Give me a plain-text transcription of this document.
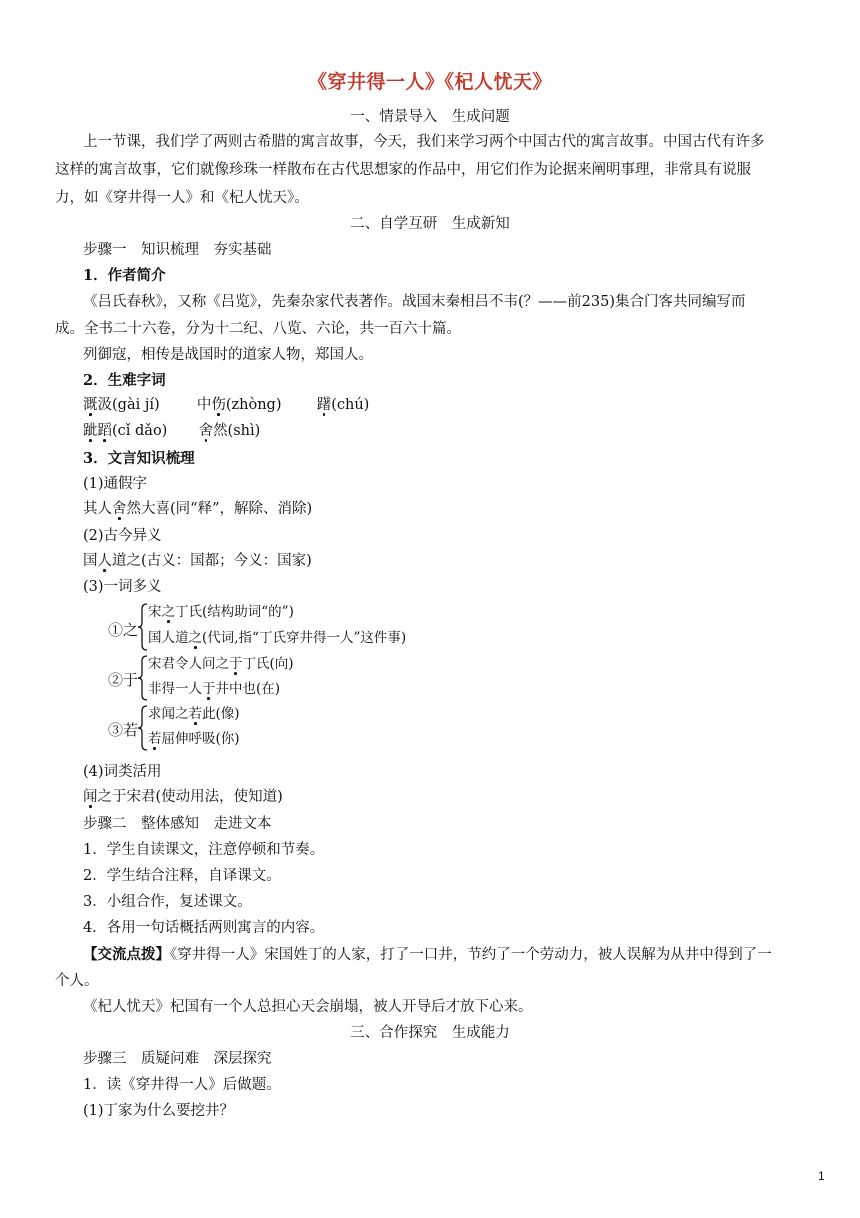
《穿井得一人》《杞人忧天》
一、情景导入　生成问题
上一节课，我们学了两则古希腊的寓言故事，今天，我们来学习两个中国古代的寓言故事。中国古代有许多
这样的寓言故事，它们就像珍珠一样散布在古代思想家的作品中，用它们作为论据来阐明事理，非常具有说服
力，如《穿井得一人》和《杞人忧天》。
二、自学互研　生成新知
步骤一　知识梳理　夯实基础
1．作者简介
《吕氏春秋》，又称《吕览》，先秦杂家代表著作。战国末秦相吕不韦(？——前235)集合门客共同编写而
成。全书二十六卷，分为十二纪、八览、六论，共一百六十篇。
列御寇，相传是战国时的道家人物，郑国人。
2．生难字词
溉汲(gài jí)	中伤(zhòng) 躇(chú)
跐蹈(cǐ dǎo) 舍然(shì)
3．文言知识梳理
(1)通假字
其人舍然大喜(同“释”，解除、消除)
(2)古今异义
国人道之(古义：国都；今义：国家)
(3)一词多义
①之
宋之丁氏(结构助词“的”)
国人道之(代词,指“丁氏穿井得一人”这件事)
②于
宋君令人问之于丁氏(向)
非得一人于井中也(在)
③若
求闻之若此(像)
若屈伸呼吸(你)
(4)词类活用
闻之于宋君(使动用法，使知道)
步骤二　整体感知　走进文本
1．学生自读课文，注意停顿和节奏。
2．学生结合注释，自译课文。
3．小组合作，复述课文。
4．各用一句话概括两则寓言的内容。
【交流点拨】《穿井得一人》宋国姓丁的人家，打了一口井，节约了一个劳动力，被人误解为从井中得到了一
个人。
《杞人忧天》杞国有一个人总担心天会崩塌，被人开导后才放下心来。
三、合作探究　生成能力
步骤三　质疑问难　深层探究
1．读《穿井得一人》后做题。
(1)丁家为什么要挖井？
1
